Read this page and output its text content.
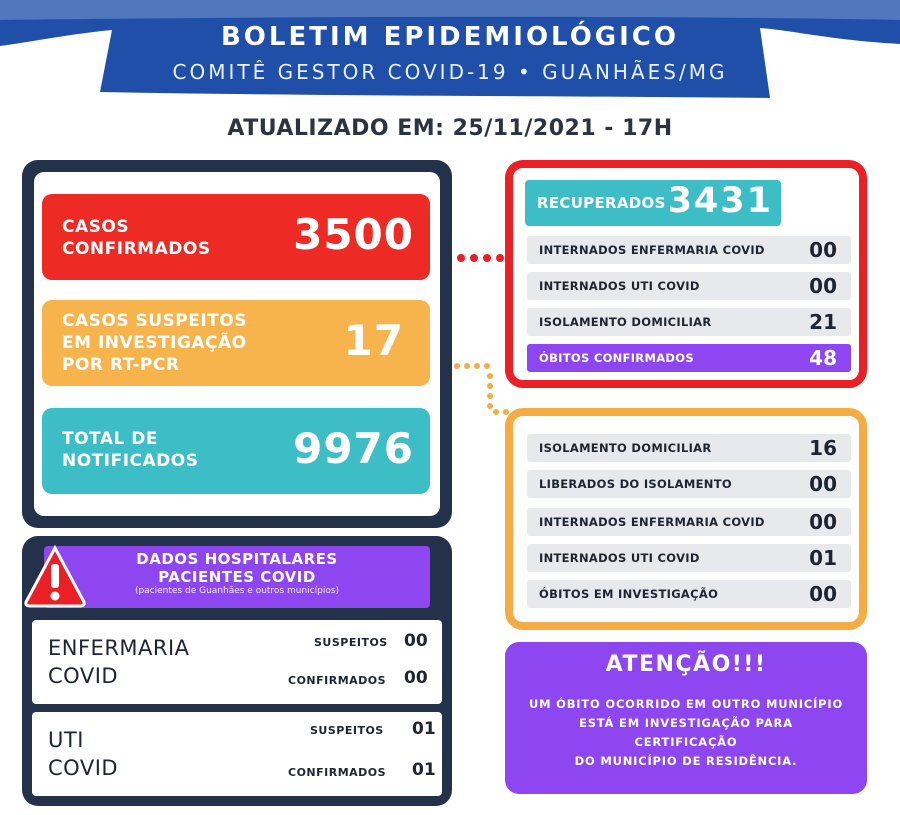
BOLETIM EPIDEMIOLÓGICO
COMITÊ GESTOR COVID-19 • GUANHÃES/MG
ATUALIZADO EM: 25/11/2021 - 17H
CASOS
CONFIRMADOS 3500
CASOS SUSPEITOS
EM INVESTIGAÇÃO
POR RT-PCR	17
TOTAL DE
NOTIFICADOS 9976
DADOS HOSPITALARES
PACIENTES COVID
(pacientes de Guanhães e outros municípios)
ENFERMARIA
COVID
SUSPEITOS 00
CONFIRMADOS 00
UTI
COVID
SUSPEITOS 01
CONFIRMADOS 01
RECUPERADOS 3431
INTERNADOS ENFERMARIA COVID 00
INTERNADOS UTI COVID	00
ISOLAMENTO DOMICILIAR	21
ÓBITOS CONFIRMADOS	48
ISOLAMENTO DOMICILIAR	16
LIBERADOS DO ISOLAMENTO	00
INTERNADOS ENFERMARIA COVID 00
INTERNADOS UTI COVID	01
ÓBITOS EM INVESTIGAÇÃO	00
ATENÇÃO!!!
UM ÓBITO OCORRIDO EM OUTRO MUNICÍPIO
ESTÁ EM INVESTIGAÇÃO PARA CERTIFICAÇÃO
DO MUNICÍPIO DE RESIDÊNCIA.
